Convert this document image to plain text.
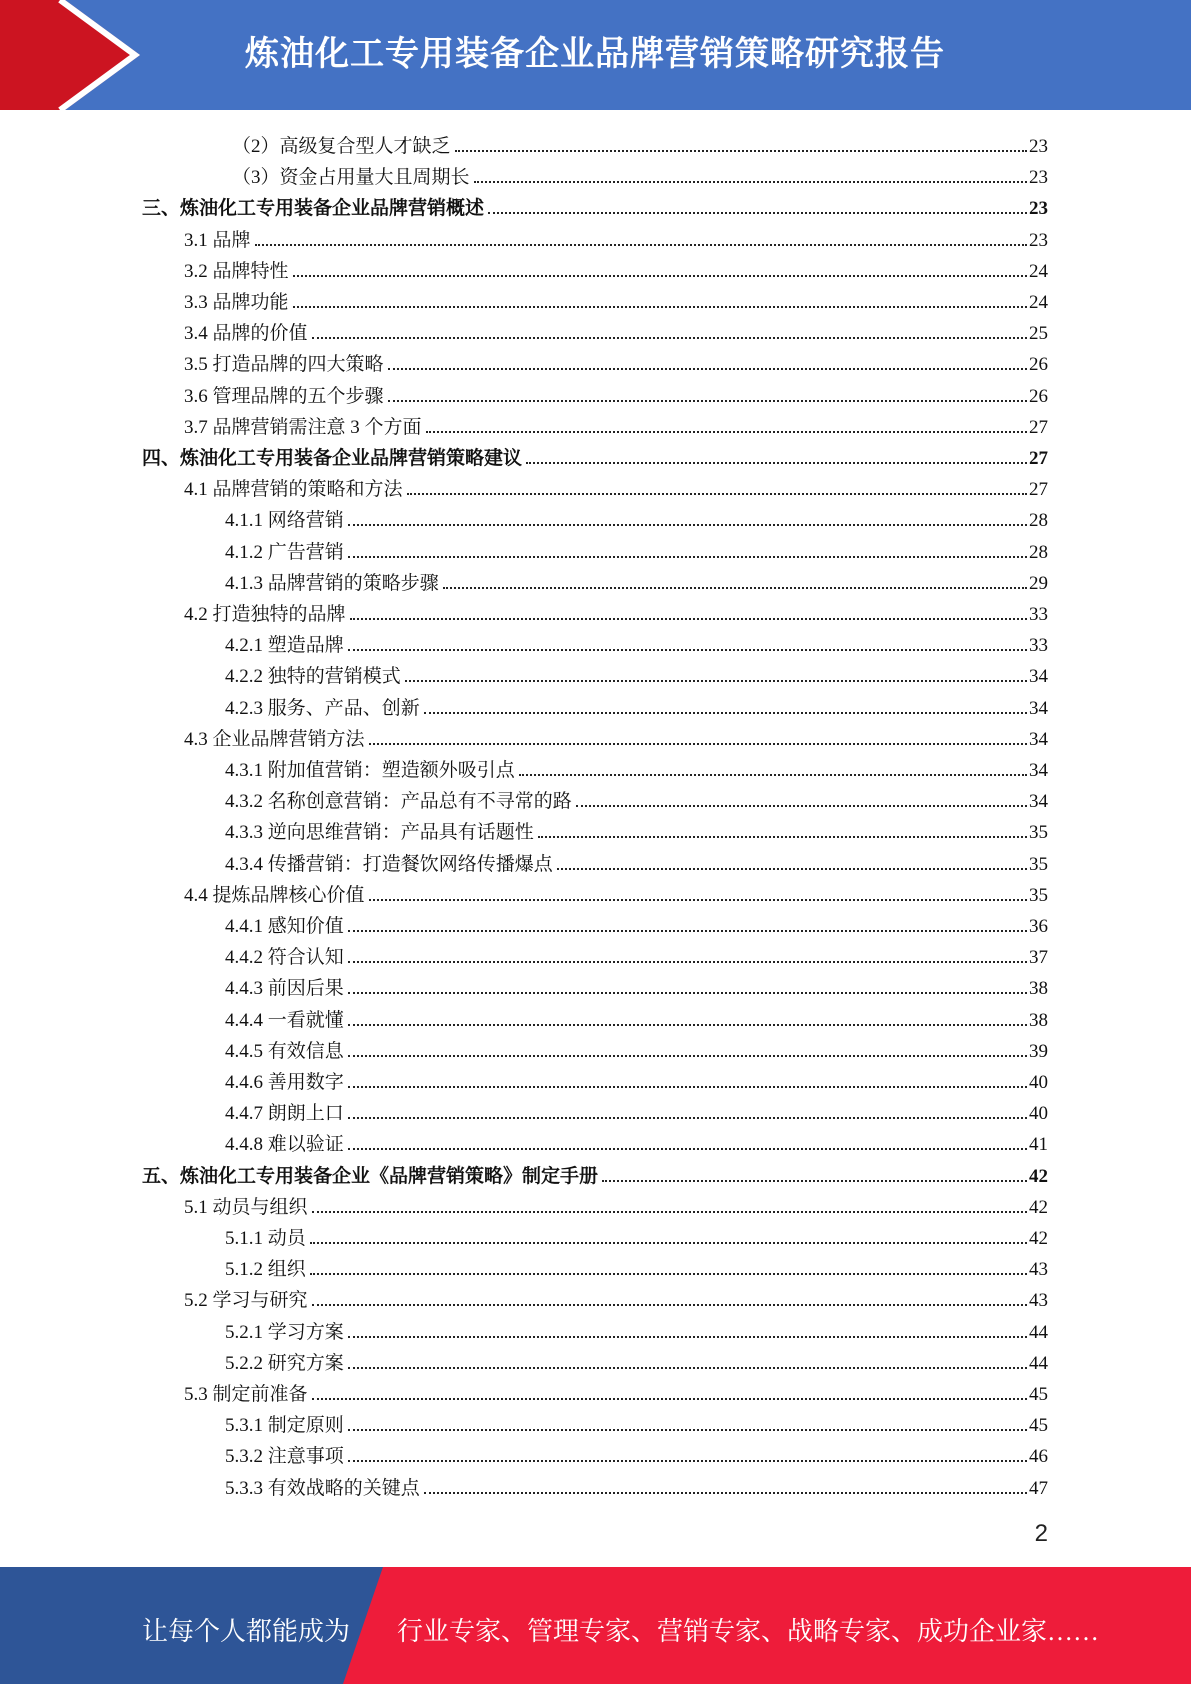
炼油化工专用装备企业品牌营销策略研究报告
（2）高级复合型人才缺乏	23
（3）资金占用量大且周期长	23
三、炼油化工专用装备企业品牌营销概述	23
3.1 品牌	23
3.2 品牌特性	24
3.3 品牌功能	24
3.4 品牌的价值	25
3.5 打造品牌的四大策略	26
3.6 管理品牌的五个步骤	26
3.7 品牌营销需注意 3 个方面	27
四、炼油化工专用装备企业品牌营销策略建议	27
4.1 品牌营销的策略和方法	27
4.1.1 网络营销	28
4.1.2 广告营销	28
4.1.3 品牌营销的策略步骤	29
4.2 打造独特的品牌	33
4.2.1 塑造品牌	33
4.2.2 独特的营销模式	34
4.2.3 服务、产品、创新	34
4.3 企业品牌营销方法	34
4.3.1 附加值营销：塑造额外吸引点	34
4.3.2 名称创意营销：产品总有不寻常的路	34
4.3.3 逆向思维营销：产品具有话题性	35
4.3.4 传播营销：打造餐饮网络传播爆点	35
4.4 提炼品牌核心价值	35
4.4.1 感知价值	36
4.4.2 符合认知	37
4.4.3 前因后果	38
4.4.4 一看就懂	38
4.4.5 有效信息	39
4.4.6 善用数字	40
4.4.7 朗朗上口	40
4.4.8 难以验证	41
五、炼油化工专用装备企业《品牌营销策略》制定手册	42
5.1 动员与组织	42
5.1.1 动员	42
5.1.2 组织	43
5.2 学习与研究	43
5.2.1 学习方案	44
5.2.2 研究方案	44
5.3 制定前准备	45
5.3.1 制定原则	45
5.3.2 注意事项	46
5.3.3 有效战略的关键点	47
2
让每个人都能成为 行业专家、管理专家、营销专家、战略专家、成功企业家……
